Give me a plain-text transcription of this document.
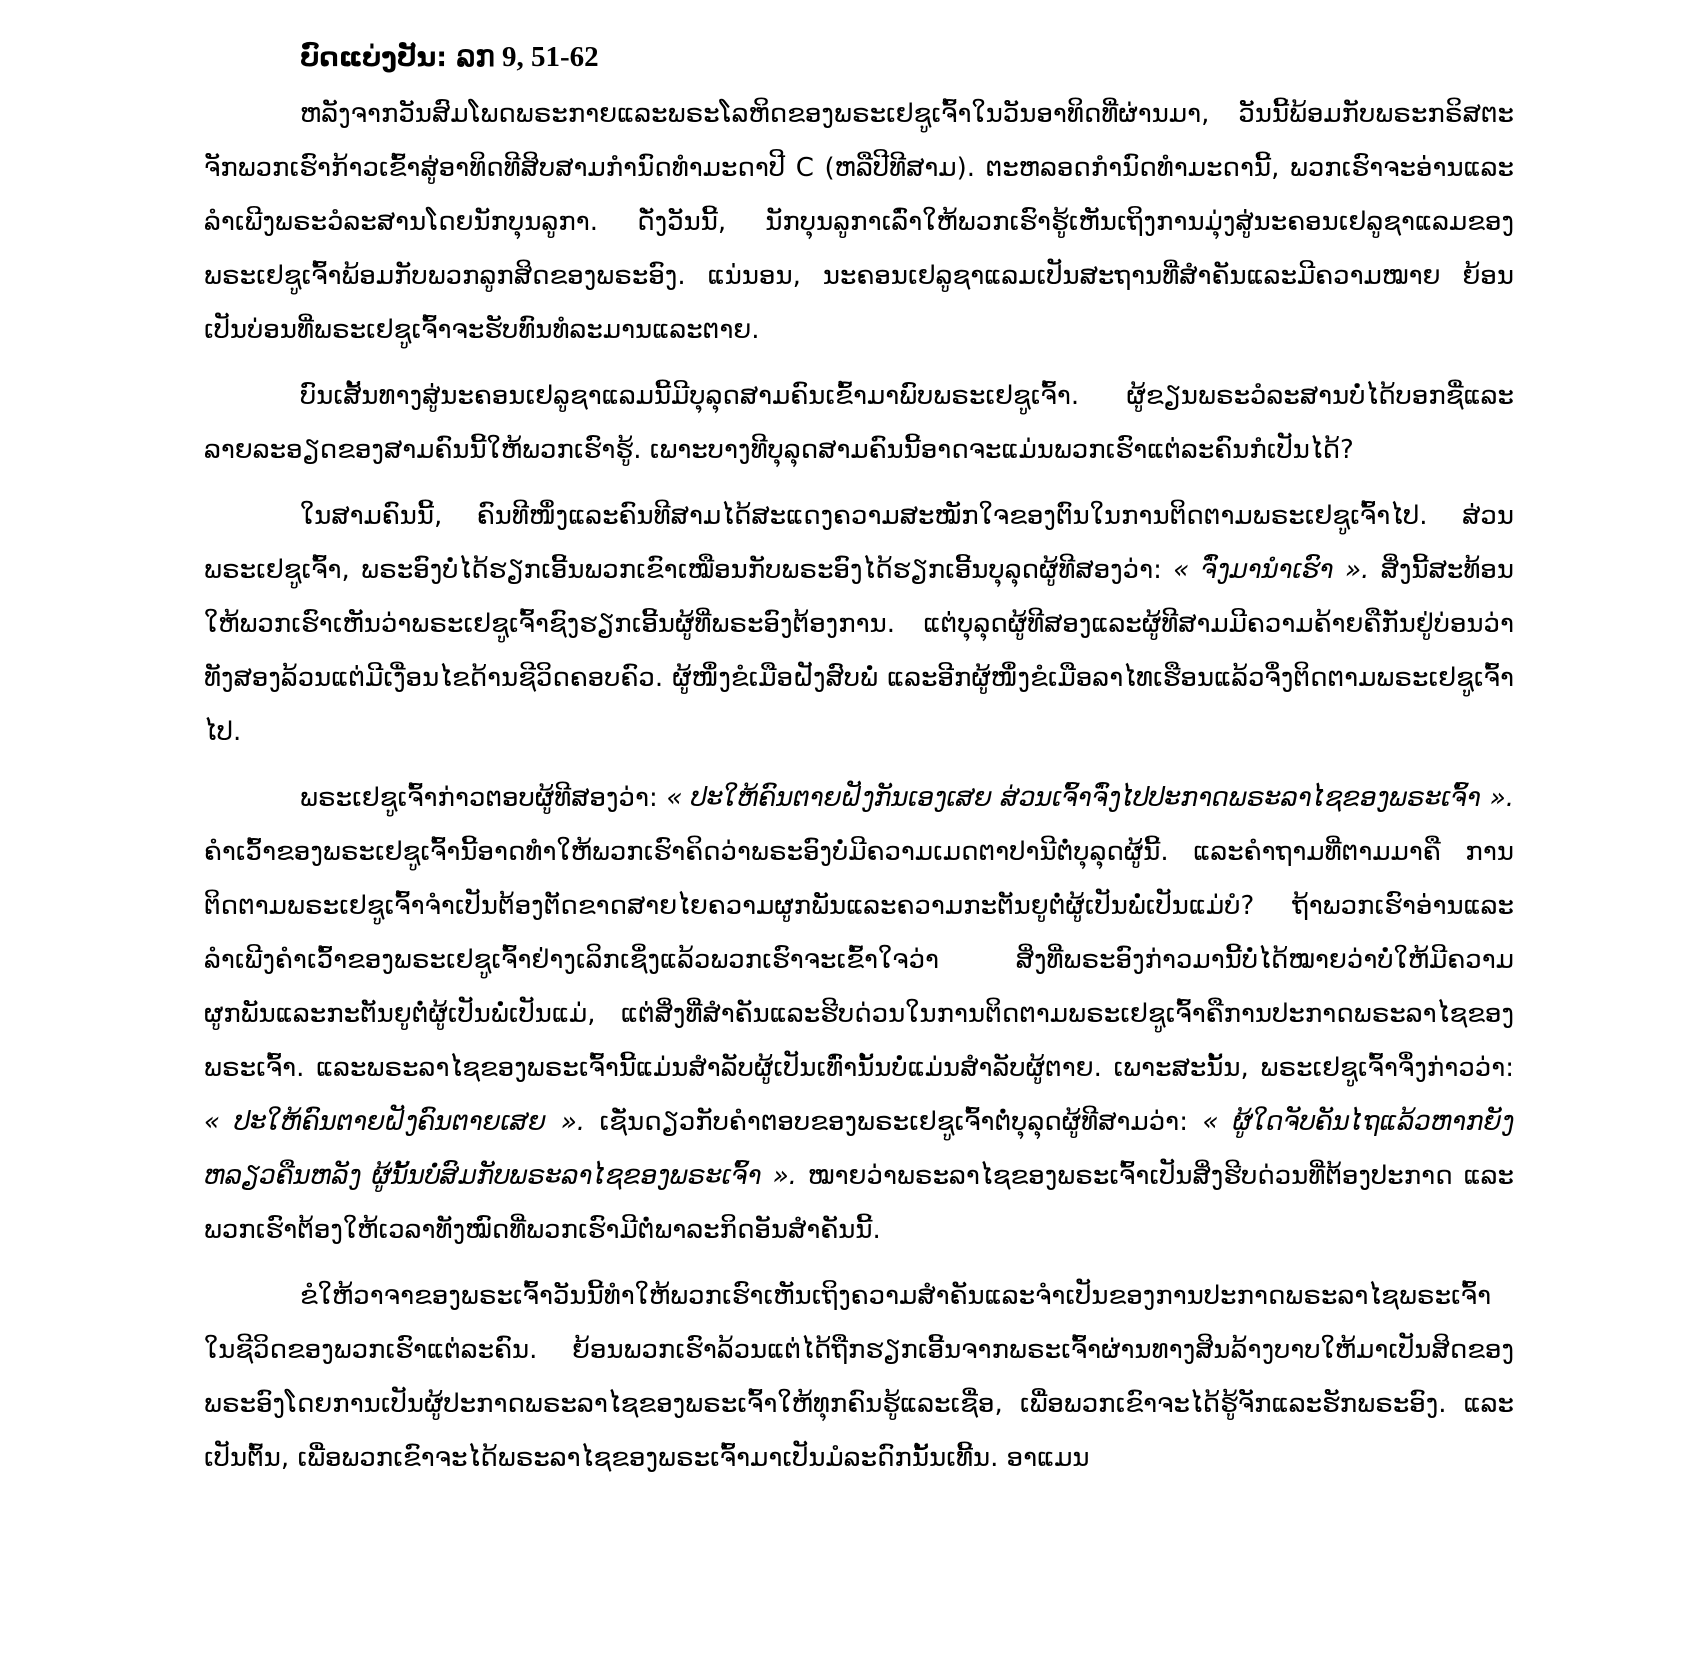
ບົດແບ່ງປັນ: ລກ 9, 51-62

ຫລັງຈາກວັນສົມໂພດພຣະກາຍແລະພຣະໂລຫິດຂອງພຣະເຢຊູເຈົ້າໃນວັນອາທິດທີ່ຜ່ານມາ, ວັນນີ້ພ້ອມກັບພຣະກຣິສຕະຈັກພວກເຮົາກ້າວເຂົ້າສູ່ອາທິດທີສິບສາມກຳນົດທຳມະດາປີ C (ຫລືປີທີສາມ). ຕະຫລອດກຳນົດທຳມະດານີ້, ພວກເຮົາຈະອ່ານແລະລຳເພີງພຣະວໍລະສານໂດຍນັກບຸນລູກາ. ດັ່ງວັນນີ້, ນັກບຸນລູກາເລົ່າໃຫ້ພວກເຮົາຮູ້ເຫັນເຖິງການມຸ່ງສູ່ນະຄອນເຢລູຊາແລມຂອງພຣະເຢຊູເຈົ້າພ້ອມກັບພວກລູກສິດຂອງພຣະອົງ. ແນ່ນອນ, ນະຄອນເຢລູຊາແລມເປັນສະຖານທີ່ສຳຄັນແລະມີຄວາມໝາຍ ຍ້ອນເປັນບ່ອນທີ່ພຣະເຢຊູເຈົ້າຈະຮັບທົນທໍລະມານແລະຕາຍ.

ບົນເສັ້ນທາງສູ່ນະຄອນເຢລູຊາແລມນີ້ມີບຸລຸດສາມຄົນເຂົ້າມາພົບພຣະເຢຊູເຈົ້າ. ຜູ້ຂຽນພຣະວໍລະສານບໍ່ໄດ້ບອກຊື່ແລະລາຍລະອຽດຂອງສາມຄົນນີ້ໃຫ້ພວກເຮົາຮູ້. ເພາະບາງທີບຸລຸດສາມຄົນນີ້ອາດຈະແມ່ນພວກເຮົາແຕ່ລະຄົນກໍເປັນໄດ້?

ໃນສາມຄົນນີ້, ຄົນທີໜຶ່ງແລະຄົນທີສາມໄດ້ສະແດງຄວາມສະໝັກໃຈຂອງຕົນໃນການຕິດຕາມພຣະເຢຊູເຈົ້າໄປ. ສ່ວນພຣະເຢຊູເຈົ້າ, ພຣະອົງບໍ່ໄດ້ຮຽກເອີ້ນພວກເຂົາເໝືອນກັບພຣະອົງໄດ້ຮຽກເອີ້ນບຸລຸດຜູ້ທີສອງວ່າ: « ຈົ່ງມານຳເຮົາ ». ສິ່ງນີ້ສະທ້ອນໃຫ້ພວກເຮົາເຫັນວ່າພຣະເຢຊູເຈົ້າຊົງຮຽກເອີ້ນຜູ້ທີ່ພຣະອົງຕ້ອງການ. ແຕ່ບຸລຸດຜູ້ທີສອງແລະຜູ້ທີສາມມີຄວາມຄ້າຍຄືກັນຢູ່ບ່ອນວ່າ ທັງສອງລ້ວນແຕ່ມີເງື່ອນໄຂດ້ານຊີວິດຄອບຄົວ. ຜູ້ໜຶ່ງຂໍເມືອຝັງສົບພໍ່ ແລະອີກຜູ້ໜຶ່ງຂໍເມືອລາໄທເຮືອນແລ້ວຈຶ່ງຕິດຕາມພຣະເຢຊູເຈົ້າໄປ.

ພຣະເຢຊູເຈົ້າກ່າວຕອບຜູ້ທີສອງວ່າ: « ປະໃຫ້ຄົນຕາຍຝັງກັນເອງເສຍ ສ່ວນເຈົ້າຈົ່ງໄປປະກາດພຣະລາໄຊຂອງພຣະເຈົ້າ ». ຄຳເວົ້າຂອງພຣະເຢຊູເຈົ້ານີ້ອາດທຳໃຫ້ພວກເຮົາຄິດວ່າພຣະອົງບໍ່ມີຄວາມເມດຕາປານີຕໍ່ບຸລຸດຜູ້ນີ້. ແລະຄຳຖາມທີ່ຕາມມາຄື ການຕິດຕາມພຣະເຢຊູເຈົ້າຈຳເປັນຕ້ອງຕັດຂາດສາຍໄຍຄວາມຜູກພັນແລະຄວາມກະຕັນຍູຕໍ່ຜູ້ເປັນພໍ່ເປັນແມ່ບໍ? ຖ້າພວກເຮົາອ່ານແລະລຳເພີງຄຳເວົ້າຂອງພຣະເຢຊູເຈົ້າຢ່າງເລິກເຊິ່ງແລ້ວພວກເຮົາຈະເຂົ້າໃຈວ່າ ສິ່ງທີ່ພຣະອົງກ່າວມານີ້ບໍ່ໄດ້ໝາຍວ່າບໍ່ໃຫ້ມີຄວາມຜູກພັນແລະກະຕັນຍູຕໍ່ຜູ້ເປັນພໍ່ເປັນແມ່, ແຕ່ສິ່ງທີ່ສຳຄັນແລະຮີບດ່ວນໃນການຕິດຕາມພຣະເຢຊູເຈົ້າຄືການປະກາດພຣະລາໄຊຂອງພຣະເຈົ້າ. ແລະພຣະລາໄຊຂອງພຣະເຈົ້ານີ້ແມ່ນສຳລັບຜູ້ເປັນເທົ່ານັ້ນບໍ່ແມ່ນສຳລັບຜູ້ຕາຍ. ເພາະສະນັ້ນ, ພຣະເຢຊູເຈົ້າຈຶ່ງກ່າວວ່າ: « ປະໃຫ້ຄົນຕາຍຝັງຄົນຕາຍເສຍ ». ເຊັ່ນດຽວກັບຄຳຕອບຂອງພຣະເຢຊູເຈົ້າຕໍ່ບຸລຸດຜູ້ທີສາມວ່າ: « ຜູ້ໃດຈັບຄັນໄຖແລ້ວຫາກຍັງຫລຽວຄືນຫລັງ ຜູ້ນັ້ນບໍ່ສົມກັບພຣະລາໄຊຂອງພຣະເຈົ້າ ». ໝາຍວ່າພຣະລາໄຊຂອງພຣະເຈົ້າເປັນສິ່ງຮີບດ່ວນທີ່ຕ້ອງປະກາດ ແລະພວກເຮົາຕ້ອງໃຫ້ເວລາທັງໝົດທີ່ພວກເຮົາມີຕໍ່ພາລະກິດອັນສຳຄັນນີ້.

ຂໍໃຫ້ວາຈາຂອງພຣະເຈົ້າວັນນີ້ທຳໃຫ້ພວກເຮົາເຫັນເຖິງຄວາມສຳຄັນແລະຈຳເປັນຂອງການປະກາດພຣະລາໄຊພຣະເຈົ້າໃນຊີວິດຂອງພວກເຮົາແຕ່ລະຄົນ. ຍ້ອນພວກເຮົາລ້ວນແຕ່ໄດ້ຖືກຮຽກເອີ້ນຈາກພຣະເຈົ້າຜ່ານທາງສິນລ້າງບາບໃຫ້ມາເປັນສິດຂອງພຣະອົງໂດຍການເປັນຜູ້ປະກາດພຣະລາໄຊຂອງພຣະເຈົ້າໃຫ້ທຸກຄົນຮູ້ແລະເຊື່ອ, ເພື່ອພວກເຂົາຈະໄດ້ຮູ້ຈັກແລະຮັກພຣະອົງ. ແລະເປັນຕົ້ນ, ເພື່ອພວກເຂົາຈະໄດ້ພຣະລາໄຊຂອງພຣະເຈົ້າມາເປັນມໍລະດົກນັ້ນເທີ້ນ. ອາແມນ
